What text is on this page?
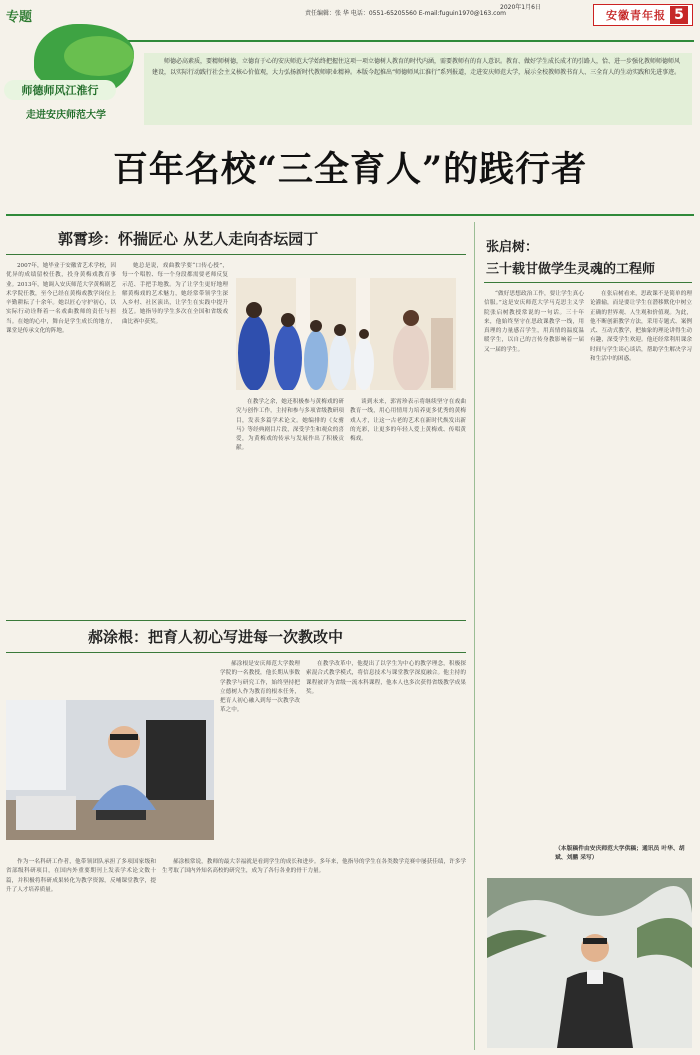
专题
2020年1月6日
责任编辑：张 华 电话：0551-65205560 E-mail:fuguin1970@163.com	安徽青年报 5
师德师风江淮行
走进安庆师范大学
师德必高素质，要精师树德，立德育于心的安庆师范大学始终把握住这项一项立德树人教育的时代内涵，需要教师有的育人意识。教育、做好学生成长成才的引路人，恰、进一步强化教师师德师风建设，以实际行动践行社会主义核心价值观，大力弘扬新时代教师职业精神。本版今起推出“师德师风江淮行”系列报道，走进安庆师范大学，展示全校教师教书育人、三全育人的生动实践和先进事迹。
百年名校“三全育人”的践行者
郭霄珍：怀揣匠心 从艺人走向杏坛园丁

2007年，她毕业于安徽省艺术学校，因优异的成绩留校任教，投身黄梅戏教育事业。2013年，她调入安庆师范大学黄梅剧艺术学院任教，至今已经在黄梅戏教学岗位上辛勤耕耘了十余年。她以匠心守护初心，以实际行动诠释着一名戏曲教师的责任与担当。在她的心中，舞台是学生成长的地方，课堂是传承文化的阵地。

她总是说，戏曲教学要“口传心授”，每一个唱腔、每一个身段都需要老师反复示范、手把手地教。为了让学生更好地理解黄梅戏的艺术魅力，她经常带领学生深入乡村、社区演出，让学生在实践中提升技艺。她指导的学生多次在全国和省级戏曲比赛中获奖。

在教学之余，她还积极参与黄梅戏的研究与创作工作，主持和参与多项省级教研项目，发表多篇学术论文。她编排的《女驸马》等经典剧目片段，深受学生和观众的喜爱，为黄梅戏的传承与发展作出了积极贡献。

谈到未来，郭霄珍表示将继续坚守在戏曲教育一线，用心用情用力培养更多优秀的黄梅戏人才，让这一古老的艺术在新时代焕发出新的光彩，让更多的年轻人爱上黄梅戏、传唱黄梅戏。

郝涂根：把育人初心写进每一次教改中

郝涂根是安庆师范大学数理学院的一名教授，他长期从事数学教学与研究工作，始终坚持把立德树人作为教育的根本任务，把育人初心融入到每一次教学改革之中。

在教学改革中，他提出了以学生为中心的教学理念，积极探索混合式教学模式，将信息技术与课堂教学深度融合。他主持的课程被评为省级一流本科课程，他本人也多次获得省级教学成果奖。

作为一名科研工作者，他带领团队承担了多项国家级和省部级科研项目，在国内外重要期刊上发表学术论文数十篇，并积极将科研成果转化为教学资源，反哺课堂教学，提升了人才培养质量。

郝涂根常说，教师的最大幸福就是看到学生的成长和进步。多年来，他指导的学生在各类数学竞赛中屡获佳绩，许多学生考取了国内外知名高校的研究生，成为了各行各业的骨干力量。

张启树：
三十载甘做学生灵魂的工程师

“做好思想政治工作，要让学生真心信服。”这是安庆师范大学马克思主义学院张启树教授常说的一句话。三十年来，他始终坚守在思政课教学一线，用真理的力量感召学生，用真情的温度温暖学生，以自己的言传身教影响着一届又一届的学生。

在张启树看来，思政课不是简单的理论灌输，而是要让学生在潜移默化中树立正确的世界观、人生观和价值观。为此，他不断创新教学方法，采用专题式、案例式、互动式教学，把抽象的理论讲得生动有趣，深受学生欢迎。他还经常利用课余时间与学生谈心谈话，帮助学生解决学习和生活中的困惑。

（本版稿件由安庆师范大学供稿；通讯员 叶华、胡斌、刘鹏 采写）
